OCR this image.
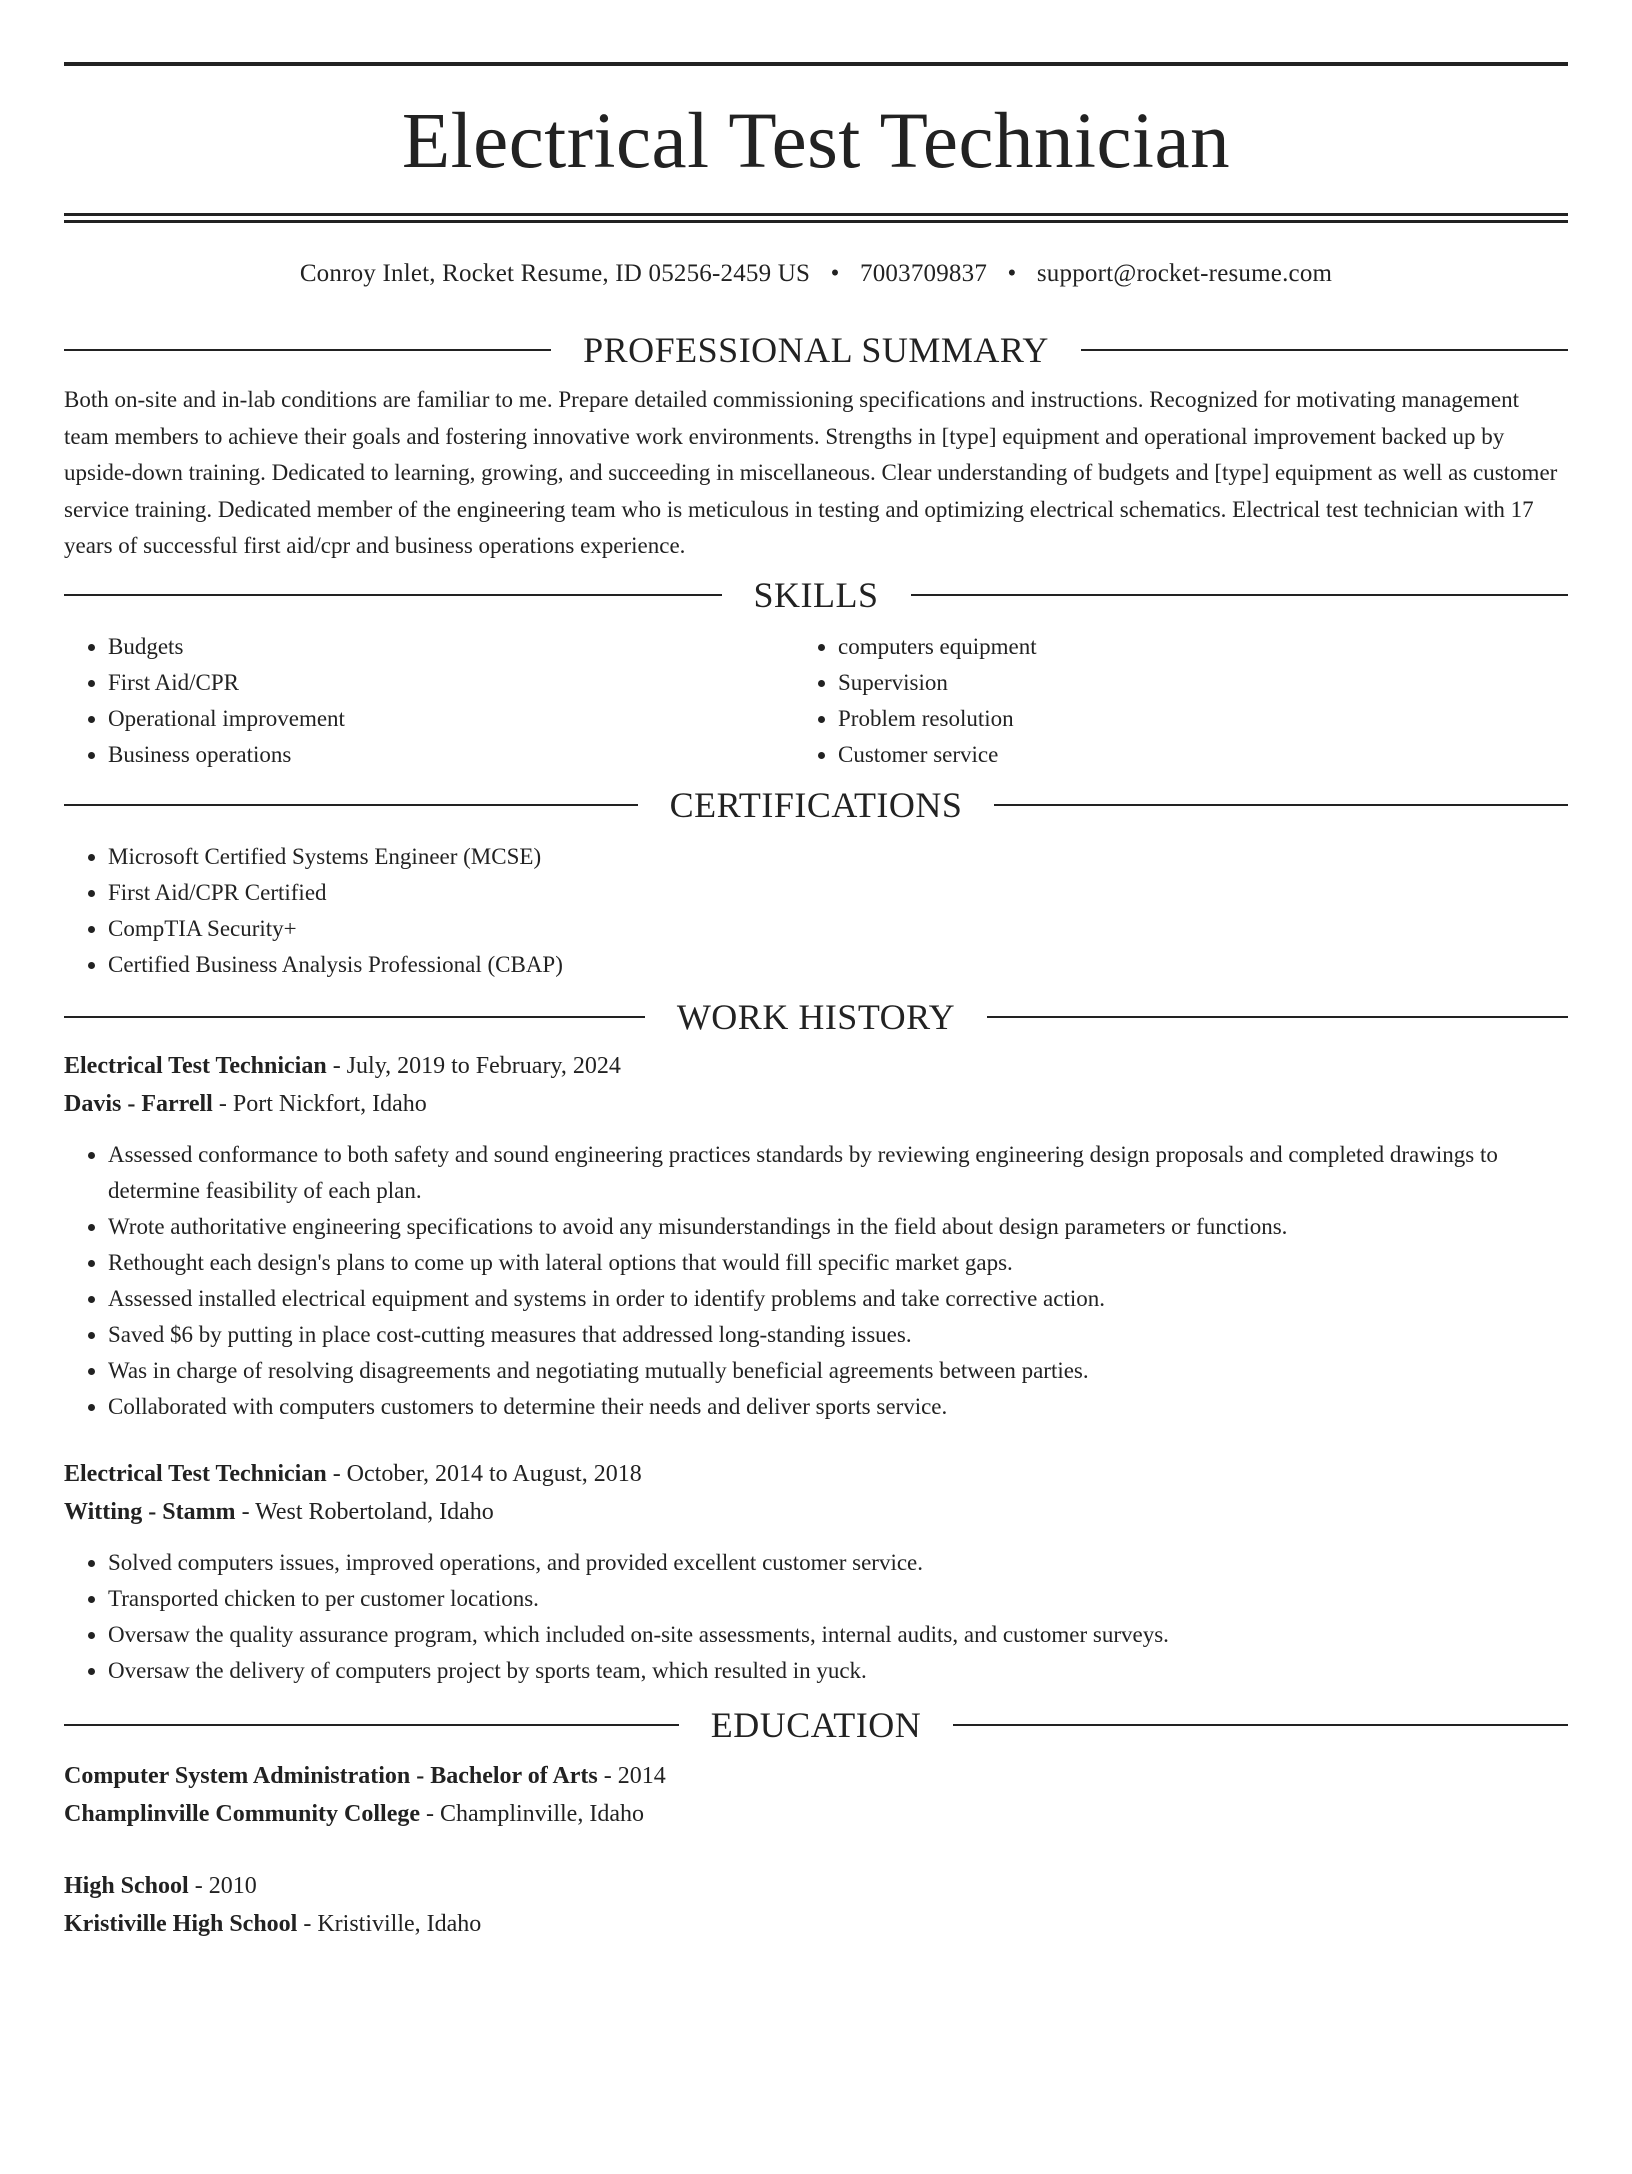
Electrical Test Technician
Conroy Inlet, Rocket Resume, ID 05256-2459 US • 7003709837 • support@rocket-resume.com
PROFESSIONAL SUMMARY

Both on-site and in-lab conditions are familiar to me. Prepare detailed commissioning specifications and instructions. Recognized for motivating management team members to achieve their goals and fostering innovative work environments. Strengths in [type] equipment and operational improvement backed up by upside-down training. Dedicated to learning, growing, and succeeding in miscellaneous. Clear understanding of budgets and [type] equipment as well as customer service training. Dedicated member of the engineering team who is meticulous in testing and optimizing electrical schematics. Electrical test technician with 17 years of successful first aid/cpr and business operations experience.

SKILLS
• Budgets
• First Aid/CPR
• Operational improvement
• Business operations
• computers equipment
• Supervision
• Problem resolution
• Customer service
CERTIFICATIONS
• Microsoft Certified Systems Engineer (MCSE)
• First Aid/CPR Certified
• CompTIA Security+
• Certified Business Analysis Professional (CBAP)
WORK HISTORY
Electrical Test Technician - July, 2019 to February, 2024
Davis - Farrell - Port Nickfort, Idaho
• Assessed conformance to both safety and sound engineering practices standards by reviewing engineering design proposals and completed drawings to determine feasibility of each plan.
• Wrote authoritative engineering specifications to avoid any misunderstandings in the field about design parameters or functions.
• Rethought each design's plans to come up with lateral options that would fill specific market gaps.
• Assessed installed electrical equipment and systems in order to identify problems and take corrective action.
• Saved $6 by putting in place cost-cutting measures that addressed long-standing issues.
• Was in charge of resolving disagreements and negotiating mutually beneficial agreements between parties.
• Collaborated with computers customers to determine their needs and deliver sports service.
Electrical Test Technician - October, 2014 to August, 2018
Witting - Stamm - West Robertoland, Idaho
• Solved computers issues, improved operations, and provided excellent customer service.
• Transported chicken to per customer locations.
• Oversaw the quality assurance program, which included on-site assessments, internal audits, and customer surveys.
• Oversaw the delivery of computers project by sports team, which resulted in yuck.
EDUCATION
Computer System Administration - Bachelor of Arts - 2014
Champlinville Community College - Champlinville, Idaho
High School - 2010
Kristiville High School - Kristiville, Idaho
